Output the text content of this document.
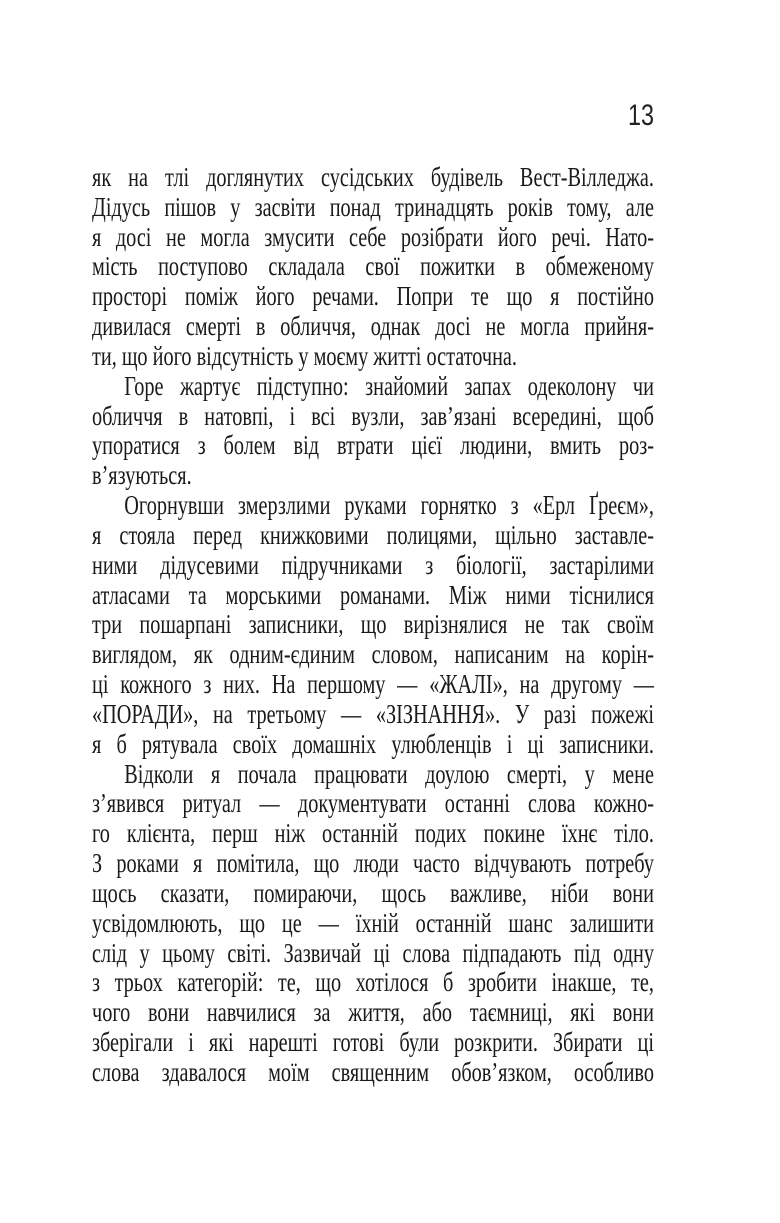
13
як на тлі доглянутих сусідських будівель Вест-Вілледжа.
Дідусь пішов у засвіти понад тринадцять років тому, але
я досі не могла змусити себе розібрати його речі. Нато-
мість поступово складала свої пожитки в обмеженому
просторі поміж його речами. Попри те що я постійно
дивилася смерті в обличчя, однак досі не могла прийня-
ти, що його відсутність у моєму житті остаточна.
Горе жартує підступно: знайомий запах одеколону чи
обличчя в натовпі, і всі вузли, зав’язані всередині, щоб
упоратися з болем від втрати цієї людини, вмить роз-
в’язуються.
Огорнувши змерзлими руками горнятко з «Ерл Ґреєм»,
я стояла перед книжковими полицями, щільно заставле-
ними дідусевими підручниками з біології, застарілими
атласами та морськими романами. Між ними тіснилися
три пошарпані записники, що вирізнялися не так своїм
виглядом, як одним-єдиним словом, написаним на корін-
ці кожного з них. На першому — «ЖАЛІ», на другому —
«ПОРАДИ», на третьому — «ЗІЗНАННЯ». У разі пожежі
я б рятувала своїх домашніх улюбленців і ці записники.
Відколи я почала працювати доулою смерті, у мене
з’явився ритуал — документувати останні слова кожно-
го клієнта, перш ніж останній подих покине їхнє тіло.
З роками я помітила, що люди часто відчувають потребу
щось сказати, помираючи, щось важливе, ніби вони
усвідомлюють, що це — їхній останній шанс залишити
слід у цьому світі. Зазвичай ці слова підпадають під одну
з трьох категорій: те, що хотілося б зробити інакше, те,
чого вони навчилися за життя, або таємниці, які вони
зберігали і які нарешті готові були розкрити. Збирати ці
слова здавалося моїм священним обов’язком, особливо
